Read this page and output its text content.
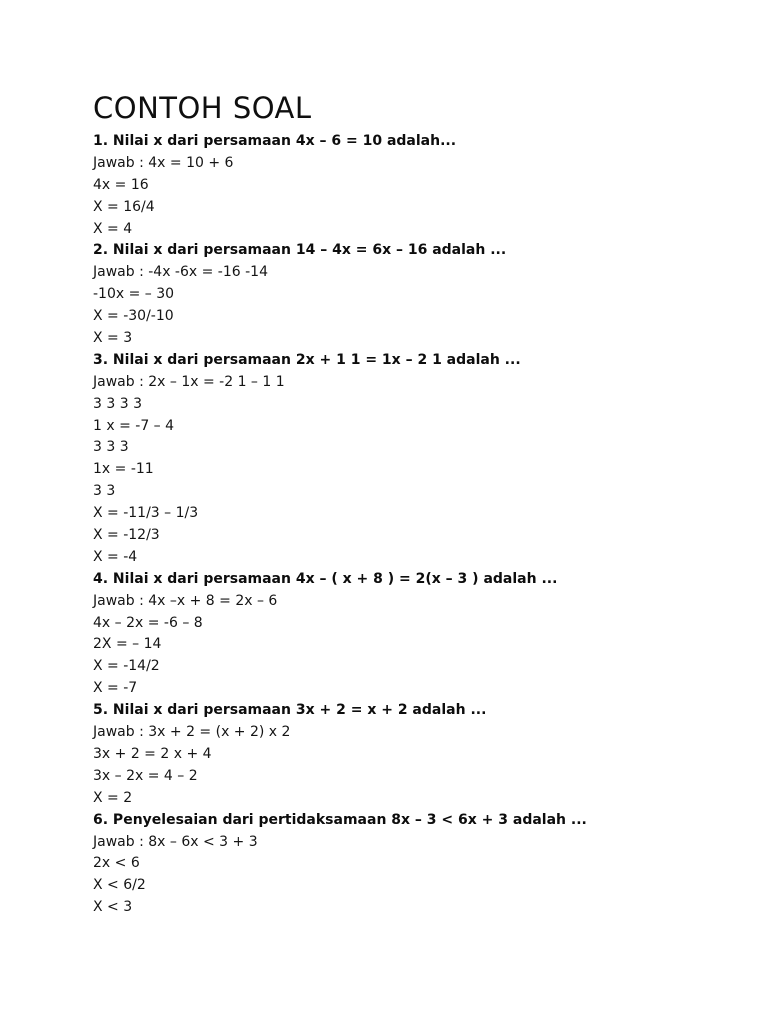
CONTOH SOAL
1. Nilai x dari persamaan 4x – 6 = 10 adalah...
Jawab : 4x = 10 + 6
4x = 16
X = 16/4
X = 4
2. Nilai x dari persamaan 14 – 4x = 6x – 16 adalah ...
Jawab : -4x -6x = -16 -14
-10x = – 30
X = -30/-10
X = 3
3. Nilai x dari persamaan 2x + 1 1 = 1x – 2 1 adalah ...
Jawab : 2x – 1x = -2 1 – 1 1
3 3 3 3
1 x = -7 – 4
3 3 3
1x = -11
3 3
X = -11/3 – 1/3
X = -12/3
X = -4
4. Nilai x dari persamaan 4x – ( x + 8 ) = 2(x – 3 ) adalah ...
Jawab : 4x –x + 8 = 2x – 6
4x – 2x = -6 – 8
2X = – 14
X = -14/2
X = -7
5. Nilai x dari persamaan 3x + 2 = x + 2 adalah ...
Jawab : 3x + 2 = (x + 2) x 2
3x + 2 = 2 x + 4
3x – 2x = 4 – 2
X = 2
6. Penyelesaian dari pertidaksamaan 8x – 3 < 6x + 3 adalah ...
Jawab : 8x – 6x < 3 + 3
2x < 6
X < 6/2
X < 3
